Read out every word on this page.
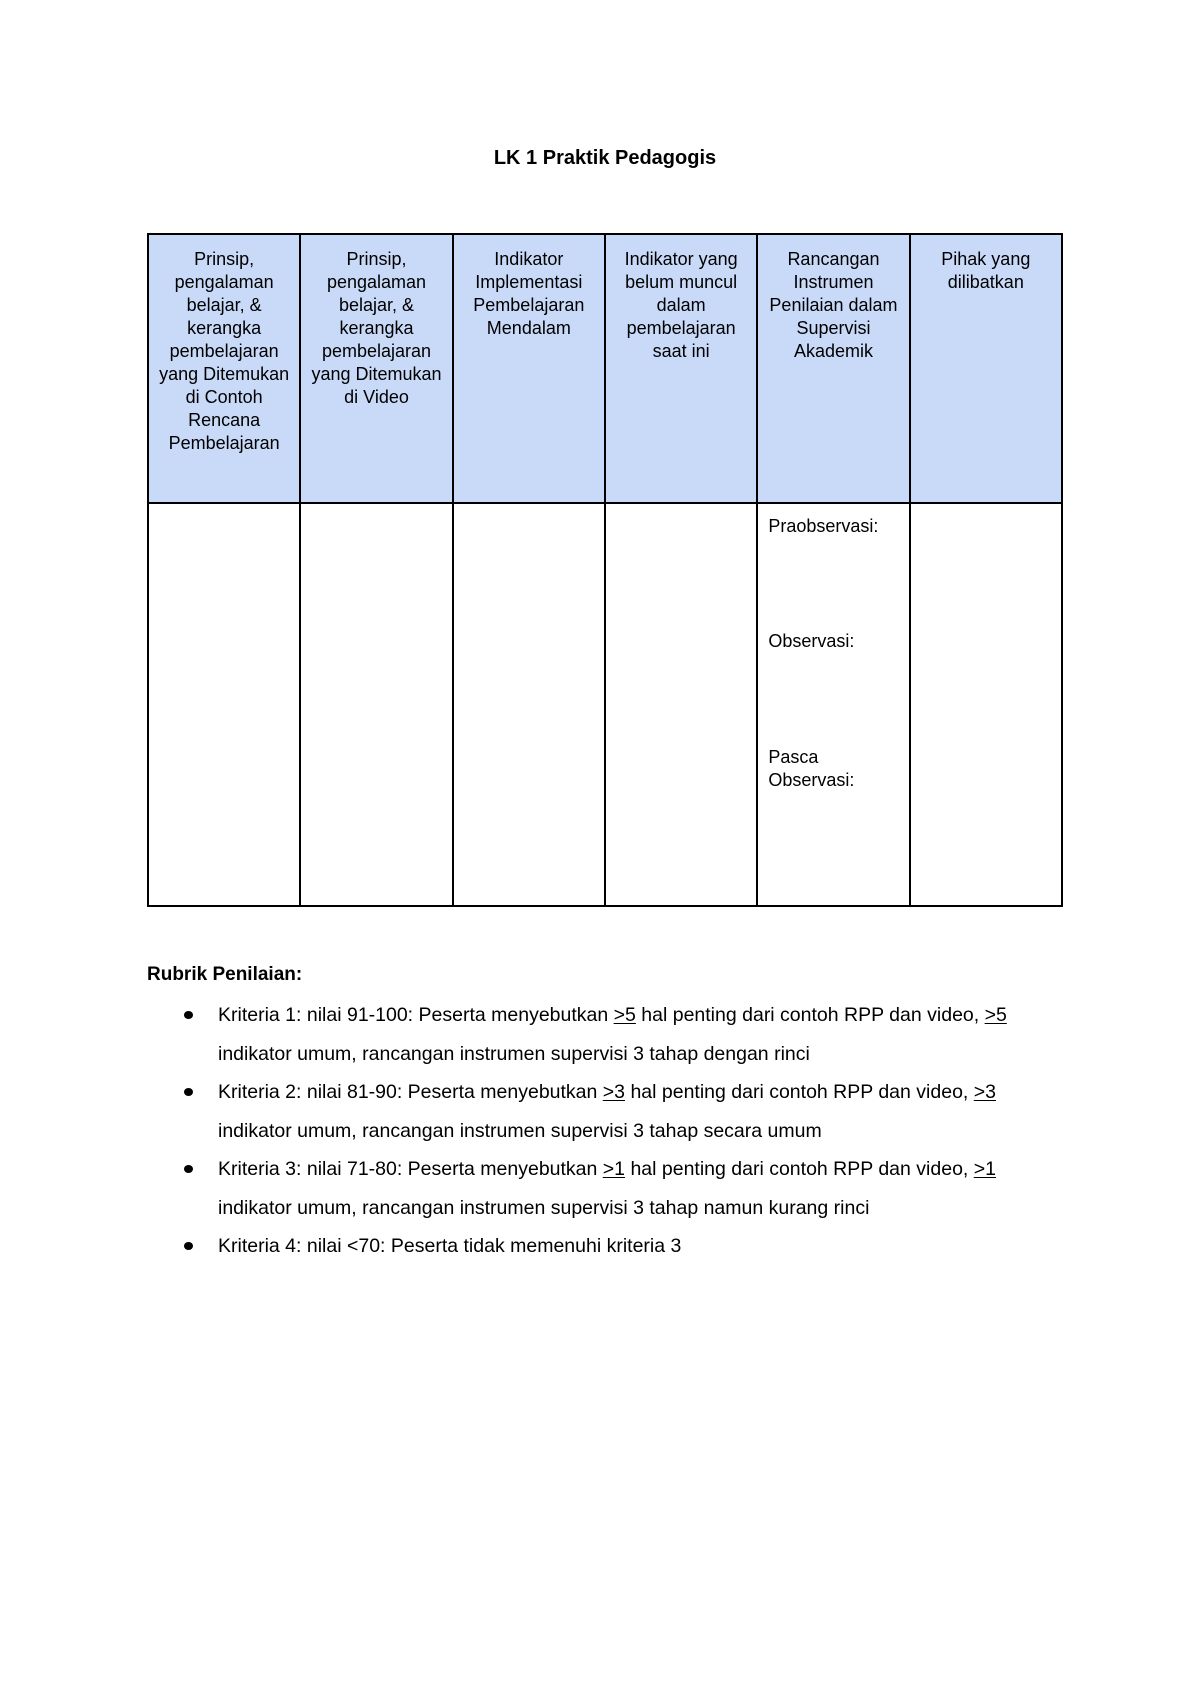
LK 1 Praktik Pedagogis
Prinsip, pengalaman belajar, & kerangka pembelajaran yang Ditemukan di Contoh Rencana Pembelajaran	Prinsip, pengalaman belajar, & kerangka pembelajaran yang Ditemukan di Video	Indikator Implementasi Pembelajaran Mendalam	Indikator yang belum muncul dalam pembelajaran saat ini	Rancangan Instrumen Penilaian dalam Supervisi Akademik	Pihak yang dilibatkan

				Praobservasi:
Observasi:
Pasca Observasi:	

Rubrik Penilaian:
Kriteria 1: nilai 91-100: Peserta menyebutkan >5 hal penting dari contoh RPP dan video, >5 indikator umum, rancangan instrumen supervisi 3 tahap dengan rinci
Kriteria 2: nilai 81-90: Peserta menyebutkan >3 hal penting dari contoh RPP dan video, >3 indikator umum, rancangan instrumen supervisi 3 tahap secara umum
Kriteria 3: nilai 71-80: Peserta menyebutkan >1 hal penting dari contoh RPP dan video, >1 indikator umum, rancangan instrumen supervisi 3 tahap namun kurang rinci
Kriteria 4: nilai <70: Peserta tidak memenuhi kriteria 3
